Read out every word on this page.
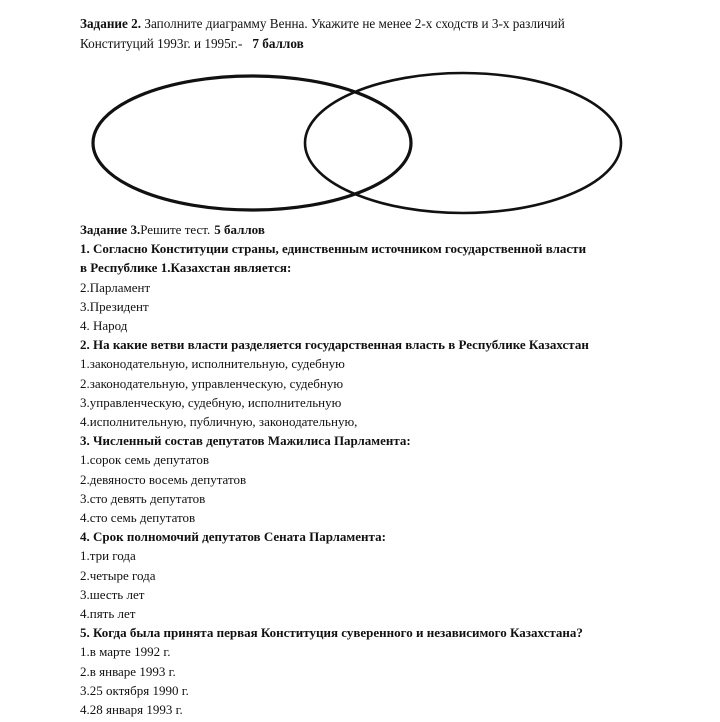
Задание 2. Заполните диаграмму Венна. Укажите не менее 2-х сходств и 3-х различий
Конституций 1993г. и 1995г.- 7 баллов
Задание 3.Решите тест. 5 баллов
1. Согласно Конституции страны, единственным источником государственной власти
в Республике 1.Казахстан является:
2.Парламент
3.Президент
4. Народ
2. На какие ветви власти разделяется государственная власть в Республике Казахстан
1.законодательную, исполнительную, судебную
2.законодательную, управленческую, судебную
3.управленческую, судебную, исполнительную
4.исполнительную, публичную, законодательную,
3. Численный состав депутатов Мажилиса Парламента:
1.сорок семь депутатов
2.девяносто восемь депутатов
3.сто девять депутатов
4.сто семь депутатов
4. Срок полномочий депутатов Сената Парламента:
1.три года
2.четыре года
3.шесть лет
4.пять лет
5. Когда была принята первая Конституция суверенного и независимого Казахстана?
1.в марте 1992 г.
2.в январе 1993 г.
3.25 октября 1990 г.
4.28 января 1993 г.
